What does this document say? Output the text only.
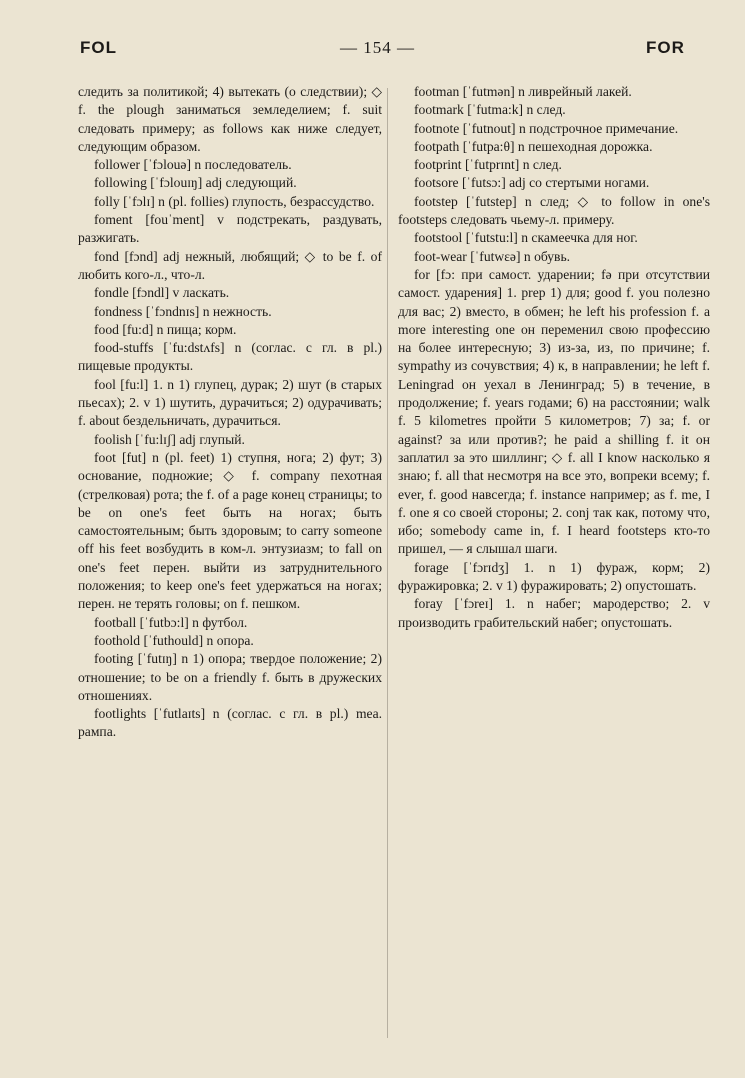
FOL	— 154 —	FOR

следить за политикой; 4) вытекать (о следствии); ◇ f. the plough заниматься земледелием; f. suit следовать примеру; as follows как ниже следует, следующим образом.

follower [ˈfɔlouə] n последователь.

following [ˈfɔlouɪŋ] adj следующий.

folly [ˈfɔlɪ] n (pl. follies) глупость, безрассудство.

foment [fouˈment] v подстрекать, раздувать, разжигать.

fond [fɔnd] adj нежный, любящий; ◇ to be f. of любить кого-л., что-л.

fondle [fɔndl] v ласкать.

fondness [ˈfɔndnɪs] n нежность.

food [fu:d] n пища; корм.

food-stuffs [ˈfu:dstʌfs] n (соглас. с гл. в pl.) пищевые продукты.

fool [fu:l] 1. n 1) глупец, дурак; 2) шут (в старых пьесах); 2. v 1) шутить, дурачиться; 2) одурачивать; f. about бездельничать, дурачиться.

foolish [ˈfu:lɪʃ] adj глупый.

foot [fut] n (pl. feet) 1) ступня, нога; 2) фут; 3) основание, подножие; ◇ f. company пехотная (стрелковая) рота; the f. of a page конец страницы; to be on one's feet быть на ногах; быть самостоятельным; быть здоровым; to carry someone off his feet возбудить в ком-л. энтузиазм; to fall on one's feet перен. выйти из затруднительного положения; to keep one's feet удержаться на ногах; перен. не терять головы; on f. пешком.

football [ˈfutbɔ:l] n футбол.

foothold [ˈfuthould] n опора.

footing [ˈfutɪŋ] n 1) опора; твердое положение; 2) отношение; to be on a friendly f. быть в дружеских отношениях.

footlights [ˈfutlaɪts] n (соглас. с гл. в pl.) meа. рампа.

footman [ˈfutmən] n ливрейный лакей.

footmark [ˈfutma:k] n след.

footnote [ˈfutnout] n подстрочное примечание.

footpath [ˈfutpa:θ] n пешеходная дорожка.

footprint [ˈfutprɪnt] n след.

footsore [ˈfutsɔ:] adj со стертыми ногами.

footstep [ˈfutstep] n след; ◇ to follow in one's footsteps следовать чьему-л. примеру.

footstool [ˈfutstu:l] n скамеечка для ног.

foot-wear [ˈfutwɛə] n обувь.

for [fɔ: при самост. ударении; fə при отсутствии самост. ударения] 1. prep 1) для; good f. you полезно для вас; 2) вместо, в обмен; he left his profession f. a more interesting one он переменил свою профессию на более интересную; 3) из-за, из, по причине; f. sympathy из сочувствия; 4) к, в направлении; he left f. Leningrad он уехал в Ленинград; 5) в течение, в продолжение; f. years годами; 6) на расстоянии; walk f. 5 kilometres пройти 5 километров; 7) за; f. or against? за или против?; he paid a shilling f. it он заплатил за это шиллинг; ◇ f. all I know насколько я знаю; f. all that несмотря на все это, вопреки всему; f. ever, f. good навсегда; f. instance например; as f. me, I f. one я со своей стороны; 2. conj так как, потому что, ибо; somebody came in, f. I heard footsteps кто-то пришел, — я слышал шаги.

forage [ˈfɔrɪdʒ] 1. n 1) фураж, корм; 2) фуражировка; 2. v 1) фуражировать; 2) опустошать.

foray [ˈfɔreɪ] 1. n набег; мародерство; 2. v производить грабительский набег; опустошать.
